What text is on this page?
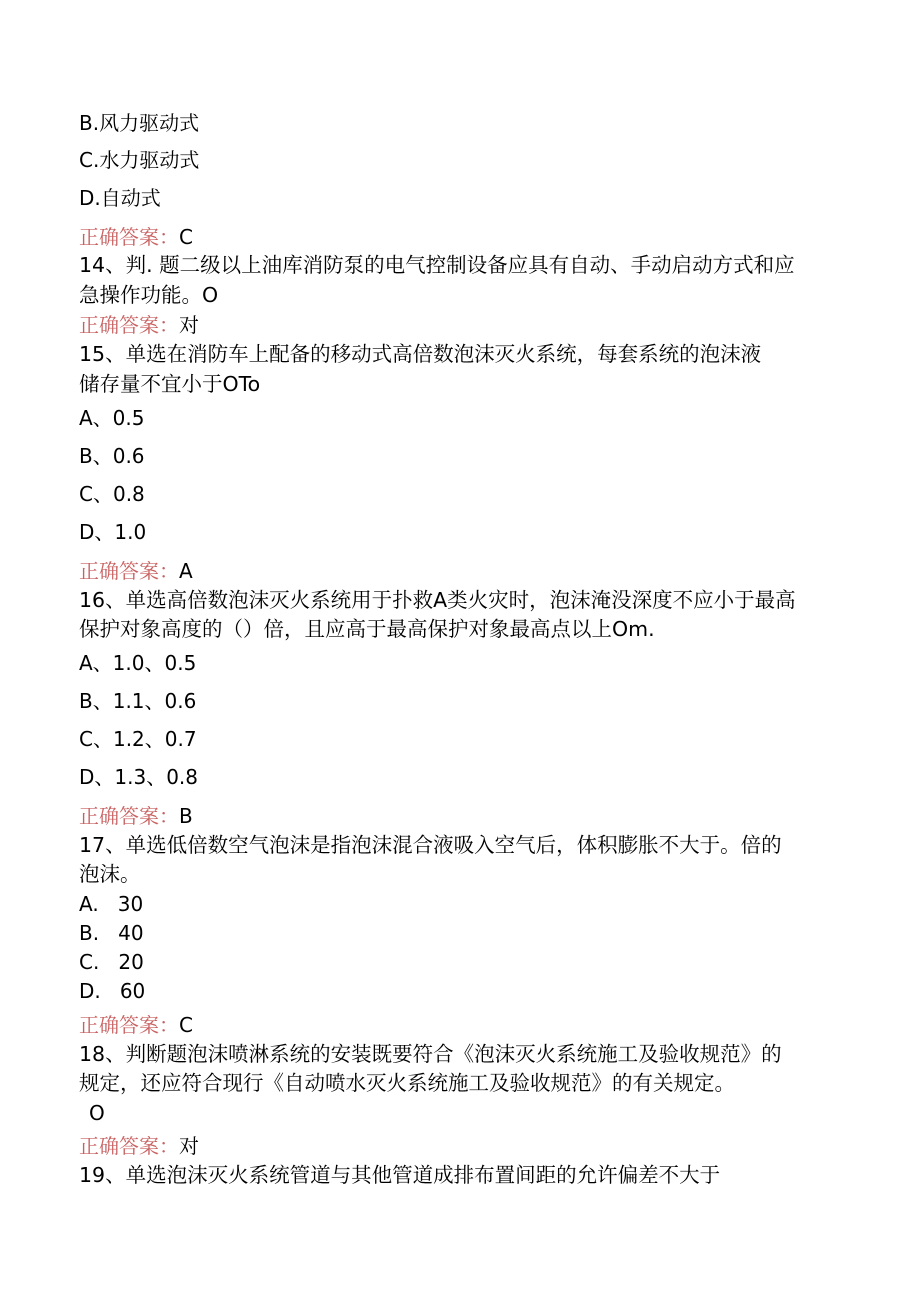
B.风力驱动式
C.水力驱动式
D.自动式
正确答案：C
14、判. 题二级以上油库消防泵的电气控制设备应具有自动、手动启动方式和应
急操作功能。O
正确答案：对
15、单选在消防车上配备的移动式高倍数泡沫灭火系统，每套系统的泡沫液
储存量不宜小于OTo
A、0.5
B、0.6
C、0.8
D、1.0
正确答案：A
16、单选高倍数泡沫灭火系统用于扑救A类火灾时，泡沫淹没深度不应小于最高
保护对象高度的（）倍，且应高于最高保护对象最高点以上Om.
A、1.0、0.5
B、1.1、0.6
C、1.2、0.7
D、1.3、0.8
正确答案：B
17、单选低倍数空气泡沫是指泡沫混合液吸入空气后，体积膨胀不大于。倍的
泡沫。
A.   30
B.   40
C.   20
D.   60
正确答案：C
18、判断题泡沫喷淋系统的安装既要符合《泡沫灭火系统施工及验收规范》的
规定，还应符合现行《自动喷水灭火系统施工及验收规范》的有关规定。
O
正确答案：对
19、单选泡沫灭火系统管道与其他管道成排布置间距的允许偏差不大于
